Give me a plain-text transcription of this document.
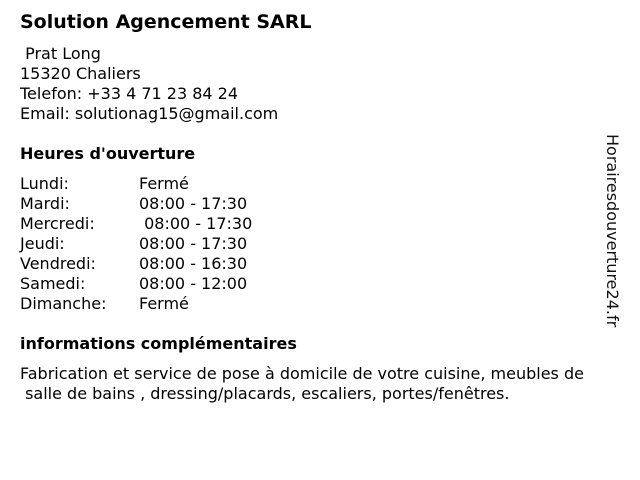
Solution Agencement SARL
Prat Long
15320 Chaliers
Telefon: +33 4 71 23 84 24
Email: solutionag15@gmail.com
Heures d'ouverture
Lundi:	Fermé
Mardi:	08:00 - 17:30
Mercredi:	08:00 - 17:30
Jeudi:	08:00 - 17:30
Vendredi:	08:00 - 16:30
Samedi:	08:00 - 12:00
Dimanche: Fermé
informations complémentaires
Fabrication et service de pose à domicile de votre cuisine, meubles de
salle de bains , dressing/placards, escaliers, portes/fenêtres.
Horairesdouverture24.fr
